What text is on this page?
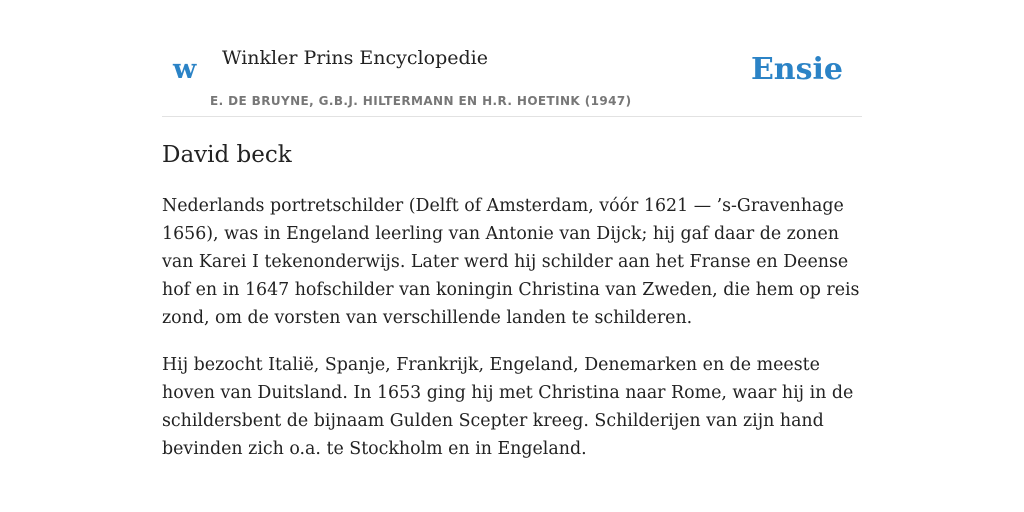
w Winkler Prins Encyclopedie
E. DE BRUYNE, G.B.J. HILTERMANN EN H.R. HOETINK (1947)
Ensie
David beck

Nederlands portretschilder (Delft of Amsterdam, vóór 1621 — ’s-Gravenhage 1656), was in Engeland leerling van Antonie van Dijck; hij gaf daar de zonen van Karei I tekenonderwijs. Later werd hij schilder aan het Franse en Deense hof en in 1647 hofschilder van koningin Christina van Zweden, die hem op reis zond, om de vorsten van verschillende landen te schilderen.

Hij bezocht Italië, Spanje, Frankrijk, Engeland, Denemarken en de meeste hoven van Duitsland. In 1653 ging hij met Christina naar Rome, waar hij in de schildersbent de bijnaam Gulden Scepter kreeg. Schilderijen van zijn hand bevinden zich o.a. te Stockholm en in Engeland.
